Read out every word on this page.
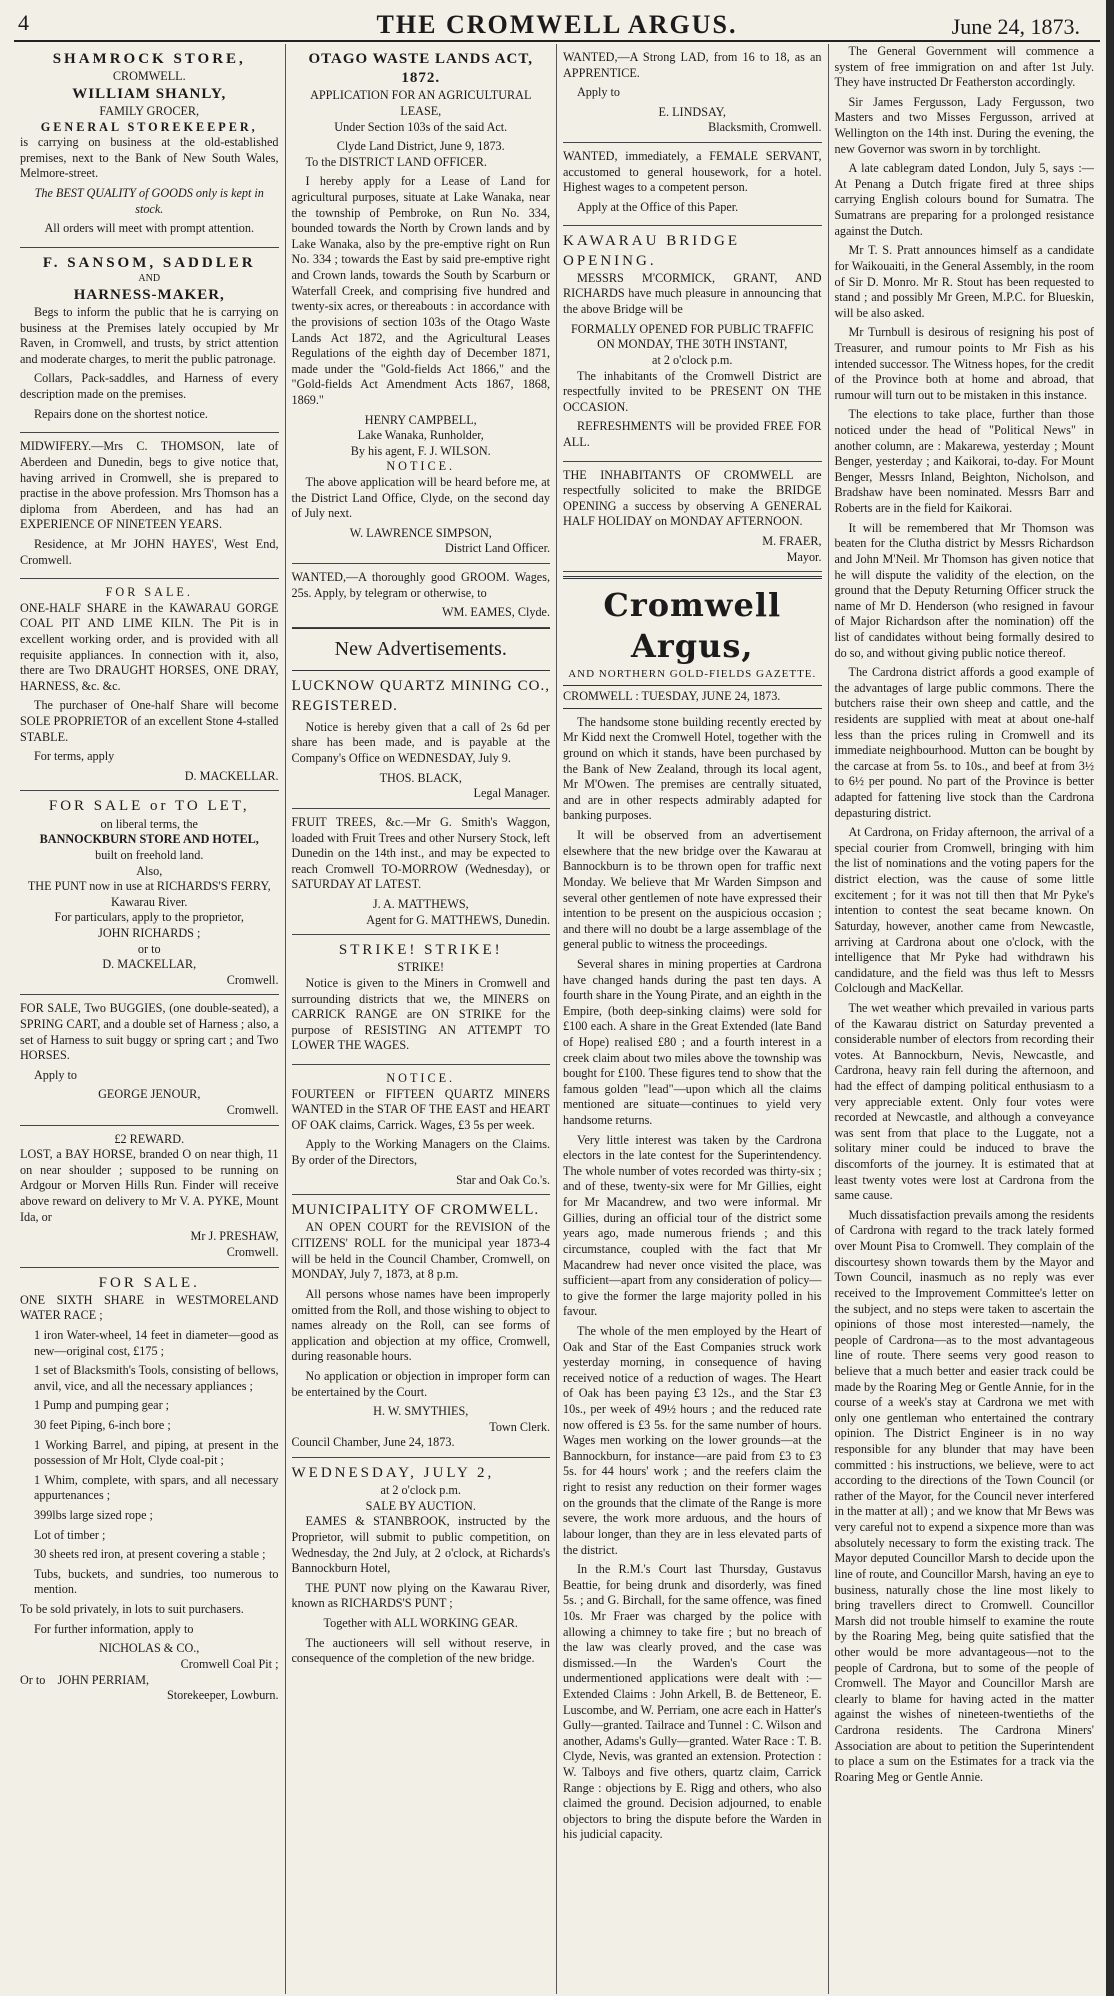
4	THE CROMWELL ARGUS.	June 24, 1873.
SHAMROCK STORE,
CROMWELL.
WILLIAM SHANLY,
FAMILY GROCER,
GENERAL STOREKEEPER,

is carrying on business at the old-established premises, next to the Bank of New South Wales, Melmore-street.

The BEST QUALITY of GOODS only is kept in stock.

All orders will meet with prompt attention.

F. SANSOM, SADDLER
AND
HARNESS-MAKER,

Begs to inform the public that he is carrying on business at the Premises lately occupied by Mr Raven, in Cromwell, and trusts, by strict attention and moderate charges, to merit the public patronage.

Collars, Pack-saddles, and Harness of every description made on the premises.

Repairs done on the shortest notice.

MIDWIFERY.—Mrs C. THOMSON, late of Aberdeen and Dunedin, begs to give notice that, having arrived in Cromwell, she is prepared to practise in the above profession. Mrs Thomson has a diploma from Aberdeen, and has had an EXPERIENCE OF NINETEEN YEARS.

Residence, at Mr JOHN HAYES', West End, Cromwell.

FOR SALE.

ONE-HALF SHARE in the KAWARAU GORGE COAL PIT AND LIME KILN. The Pit is in excellent working order, and is provided with all requisite appliances. In connection with it, also, there are Two DRAUGHT HORSES, ONE DRAY, HARNESS, &c. &c.

The purchaser of One-half Share will become SOLE PROPRIETOR of an excellent Stone 4-stalled STABLE.

For terms, apply

D. MACKELLAR.
FOR SALE or TO LET,
on liberal terms, the
BANNOCKBURN STORE AND HOTEL,
built on freehold land.
Also,
THE PUNT now in use at RICHARDS'S FERRY, Kawarau River.
For particulars, apply to the proprietor,
JOHN RICHARDS ;
or to
D. MACKELLAR,
Cromwell.

FOR SALE, Two BUGGIES, (one double-seated), a SPRING CART, and a double set of Harness ; also, a set of Harness to suit buggy or spring cart ; and Two HORSES.

Apply to

GEORGE JENOUR,
Cromwell.
£2 REWARD.

LOST, a BAY HORSE, branded O on near thigh, 11 on near shoulder ; supposed to be running on Ardgour or Morven Hills Run. Finder will receive above reward on delivery to Mr V. A. PYKE, Mount Ida, or

Mr J. PRESHAW,
Cromwell.
FOR SALE.

ONE SIXTH SHARE in WESTMORELAND WATER RACE ;

1 iron Water-wheel, 14 feet in diameter—good as new—original cost, £175 ;

1 set of Blacksmith's Tools, consisting of bellows, anvil, vice, and all the necessary appliances ;

1 Pump and pumping gear ;

30 feet Piping, 6-inch bore ;

1 Working Barrel, and piping, at present in the possession of Mr Holt, Clyde coal-pit ;

1 Whim, complete, with spars, and all necessary appurtenances ;

399lbs large sized rope ;

Lot of timber ;

30 sheets red iron, at present covering a stable ;

Tubs, buckets, and sundries, too numerous to mention.

To be sold privately, in lots to suit purchasers.

For further information, apply to

NICHOLAS & CO.,
Cromwell Coal Pit ;
Or to JOHN PERRIAM,
Storekeeper, Lowburn.
OTAGO WASTE LANDS ACT, 1872.
APPLICATION FOR AN AGRICULTURAL LEASE,
Under Section 103s of the said Act.
Clyde Land District, June 9, 1873.

To the DISTRICT LAND OFFICER.

I hereby apply for a Lease of Land for agricultural purposes, situate at Lake Wanaka, near the township of Pembroke, on Run No. 334, bounded towards the North by Crown lands and by Lake Wanaka, also by the pre-emptive right on Run No. 334 ; towards the East by said pre-emptive right and Crown lands, towards the South by Scarburn or Waterfall Creek, and comprising five hundred and twenty-six acres, or thereabouts : in accordance with the provisions of section 103s of the Otago Waste Lands Act 1872, and the Agricultural Leases Regulations of the eighth day of December 1871, made under the "Gold-fields Act 1866," and the "Gold-fields Act Amendment Acts 1867, 1868, 1869."

HENRY CAMPBELL,
Lake Wanaka, Runholder,
By his agent, F. J. WILSON.
NOTICE.

The above application will be heard before me, at the District Land Office, Clyde, on the second day of July next.

W. LAWRENCE SIMPSON,
District Land Officer.

WANTED,—A thoroughly good GROOM. Wages, 25s. Apply, by telegram or otherwise, to

WM. EAMES, Clyde.
New Advertisements.

LUCKNOW QUARTZ MINING CO., REGISTERED.

Notice is hereby given that a call of 2s 6d per share has been made, and is payable at the Company's Office on WEDNESDAY, July 9.

THOS. BLACK,
Legal Manager.

FRUIT TREES, &c.—Mr G. Smith's Waggon, loaded with Fruit Trees and other Nursery Stock, left Dunedin on the 14th inst., and may be expected to reach Cromwell TO-MORROW (Wednesday), or SATURDAY AT LATEST.

J. A. MATTHEWS,
Agent for G. MATTHEWS, Dunedin.
STRIKE! STRIKE!
STRIKE!

Notice is given to the Miners in Cromwell and surrounding districts that we, the MINERS on CARRICK RANGE are ON STRIKE for the purpose of RESISTING AN ATTEMPT TO LOWER THE WAGES.

NOTICE.

FOURTEEN or FIFTEEN QUARTZ MINERS WANTED in the STAR OF THE EAST and HEART OF OAK claims, Carrick. Wages, £3 5s per week.

Apply to the Working Managers on the Claims. By order of the Directors,

Star and Oak Co.'s.
MUNICIPALITY OF CROMWELL.

AN OPEN COURT for the REVISION of the CITIZENS' ROLL for the municipal year 1873-4 will be held in the Council Chamber, Cromwell, on MONDAY, July 7, 1873, at 8 p.m.

All persons whose names have been improperly omitted from the Roll, and those wishing to object to names already on the Roll, can see forms of application and objection at my office, Cromwell, during reasonable hours.

No application or objection in improper form can be entertained by the Court.

H. W. SMYTHIES,
Town Clerk.
Council Chamber, June 24, 1873.
WEDNESDAY, JULY 2,
at 2 o'clock p.m.
SALE BY AUCTION.

EAMES & STANBROOK, instructed by the Proprietor, will submit to public competition, on Wednesday, the 2nd July, at 2 o'clock, at Richards's Bannockburn Hotel,

THE PUNT now plying on the Kawarau River, known as RICHARDS'S PUNT ;

Together with ALL WORKING GEAR.

The auctioneers will sell without reserve, in consequence of the completion of the new bridge.

WANTED,—A Strong LAD, from 16 to 18, as an APPRENTICE.

Apply to

E. LINDSAY,
Blacksmith, Cromwell.

WANTED, immediately, a FEMALE SERVANT, accustomed to general housework, for a hotel. Highest wages to a competent person.

Apply at the Office of this Paper.

KAWARAU BRIDGE OPENING.

MESSRS M'CORMICK, GRANT, AND RICHARDS have much pleasure in announcing that the above Bridge will be

FORMALLY OPENED FOR PUBLIC TRAFFIC
ON MONDAY, THE 30TH INSTANT,
at 2 o'clock p.m.

The inhabitants of the Cromwell District are respectfully invited to be PRESENT ON THE OCCASION.

REFRESHMENTS will be provided FREE FOR ALL.

THE INHABITANTS OF CROMWELL are respectfully solicited to make the BRIDGE OPENING a success by observing A GENERAL HALF HOLIDAY on MONDAY AFTERNOON.

M. FRAER,
Mayor.
Cromwell Argus,
AND NORTHERN GOLD-FIELDS GAZETTE.
CROMWELL : TUESDAY, JUNE 24, 1873.

The handsome stone building recently erected by Mr Kidd next the Cromwell Hotel, together with the ground on which it stands, have been purchased by the Bank of New Zealand, through its local agent, Mr M'Owen. The premises are centrally situated, and are in other respects admirably adapted for banking purposes.

It will be observed from an advertisement elsewhere that the new bridge over the Kawarau at Bannockburn is to be thrown open for traffic next Monday. We believe that Mr Warden Simpson and several other gentlemen of note have expressed their intention to be present on the auspicious occasion ; and there will no doubt be a large assemblage of the general public to witness the proceedings.

Several shares in mining properties at Cardrona have changed hands during the past ten days. A fourth share in the Young Pirate, and an eighth in the Empire, (both deep-sinking claims) were sold for £100 each. A share in the Great Extended (late Band of Hope) realised £80 ; and a fourth interest in a creek claim about two miles above the township was bought for £100. These figures tend to show that the famous golden "lead"—upon which all the claims mentioned are situate—continues to yield very handsome returns.

Very little interest was taken by the Cardrona electors in the late contest for the Superintendency. The whole number of votes recorded was thirty-six ; and of these, twenty-six were for Mr Gillies, eight for Mr Macandrew, and two were informal. Mr Gillies, during an official tour of the district some years ago, made numerous friends ; and this circumstance, coupled with the fact that Mr Macandrew had never once visited the place, was sufficient—apart from any consideration of policy—to give the former the large majority polled in his favour.

The whole of the men employed by the Heart of Oak and Star of the East Companies struck work yesterday morning, in consequence of having received notice of a reduction of wages. The Heart of Oak has been paying £3 12s., and the Star £3 10s., per week of 49½ hours ; and the reduced rate now offered is £3 5s. for the same number of hours. Wages men working on the lower grounds—at the Bannockburn, for instance—are paid from £3 to £3 5s. for 44 hours' work ; and the reefers claim the right to resist any reduction on their former wages on the grounds that the climate of the Range is more severe, the work more arduous, and the hours of labour longer, than they are in less elevated parts of the district.

In the R.M.'s Court last Thursday, Gustavus Beattie, for being drunk and disorderly, was fined 5s. ; and G. Birchall, for the same offence, was fined 10s. Mr Fraer was charged by the police with allowing a chimney to take fire ; but no breach of the law was clearly proved, and the case was dismissed.—In the Warden's Court the undermentioned applications were dealt with :—Extended Claims : John Arkell, B. de Betteneor, E. Luscombe, and W. Perriam, one acre each in Hatter's Gully—granted. Tailrace and Tunnel : C. Wilson and another, Adams's Gully—granted. Water Race : T. B. Clyde, Nevis, was granted an extension. Protection : W. Talboys and five others, quartz claim, Carrick Range : objections by E. Rigg and others, who also claimed the ground. Decision adjourned, to enable objectors to bring the dispute before the Warden in his judicial capacity.

The General Government will commence a system of free immigration on and after 1st July. They have instructed Dr Featherston accordingly.

Sir James Fergusson, Lady Fergusson, two Masters and two Misses Fergusson, arrived at Wellington on the 14th inst. During the evening, the new Governor was sworn in by torchlight.

A late cablegram dated London, July 5, says :—At Penang a Dutch frigate fired at three ships carrying English colours bound for Sumatra. The Sumatrans are preparing for a prolonged resistance against the Dutch.

Mr T. S. Pratt announces himself as a candidate for Waikouaiti, in the General Assembly, in the room of Sir D. Monro. Mr R. Stout has been requested to stand ; and possibly Mr Green, M.P.C. for Blueskin, will be also asked.

Mr Turnbull is desirous of resigning his post of Treasurer, and rumour points to Mr Fish as his intended successor. The Witness hopes, for the credit of the Province both at home and abroad, that rumour will turn out to be mistaken in this instance.

The elections to take place, further than those noticed under the head of "Political News" in another column, are : Makarewa, yesterday ; Mount Benger, yesterday ; and Kaikorai, to-day. For Mount Benger, Messrs Inland, Beighton, Nicholson, and Bradshaw have been nominated. Messrs Barr and Roberts are in the field for Kaikorai.

It will be remembered that Mr Thomson was beaten for the Clutha district by Messrs Richardson and John M'Neil. Mr Thomson has given notice that he will dispute the validity of the election, on the ground that the Deputy Returning Officer struck the name of Mr D. Henderson (who resigned in favour of Major Richardson after the nomination) off the list of candidates without being formally desired to do so, and without giving public notice thereof.

The Cardrona district affords a good example of the advantages of large public commons. There the butchers raise their own sheep and cattle, and the residents are supplied with meat at about one-half less than the prices ruling in Cromwell and its immediate neighbourhood. Mutton can be bought by the carcase at from 5s. to 10s., and beef at from 3½ to 6½ per pound. No part of the Province is better adapted for fattening live stock than the Cardrona depasturing district.

At Cardrona, on Friday afternoon, the arrival of a special courier from Cromwell, bringing with him the list of nominations and the voting papers for the district election, was the cause of some little excitement ; for it was not till then that Mr Pyke's intention to contest the seat became known. On Saturday, however, another came from Newcastle, arriving at Cardrona about one o'clock, with the intelligence that Mr Pyke had withdrawn his candidature, and the field was thus left to Messrs Colclough and MacKellar.

The wet weather which prevailed in various parts of the Kawarau district on Saturday prevented a considerable number of electors from recording their votes. At Bannockburn, Nevis, Newcastle, and Cardrona, heavy rain fell during the afternoon, and had the effect of damping political enthusiasm to a very appreciable extent. Only four votes were recorded at Newcastle, and although a conveyance was sent from that place to the Luggate, not a solitary miner could be induced to brave the discomforts of the journey. It is estimated that at least twenty votes were lost at Cardrona from the same cause.

Much dissatisfaction prevails among the residents of Cardrona with regard to the track lately formed over Mount Pisa to Cromwell. They complain of the discourtesy shown towards them by the Mayor and Town Council, inasmuch as no reply was ever received to the Improvement Committee's letter on the subject, and no steps were taken to ascertain the opinions of those most interested—namely, the people of Cardrona—as to the most advantageous line of route. There seems very good reason to believe that a much better and easier track could be made by the Roaring Meg or Gentle Annie, for in the course of a week's stay at Cardrona we met with only one gentleman who entertained the contrary opinion. The District Engineer is in no way responsible for any blunder that may have been committed : his instructions, we believe, were to act according to the directions of the Town Council (or rather of the Mayor, for the Council never interfered in the matter at all) ; and we know that Mr Bews was very careful not to expend a sixpence more than was absolutely necessary to form the existing track. The Mayor deputed Councillor Marsh to decide upon the line of route, and Councillor Marsh, having an eye to business, naturally chose the line most likely to bring travellers direct to Cromwell. Councillor Marsh did not trouble himself to examine the route by the Roaring Meg, being quite satisfied that the other would be more advantageous—not to the people of Cardrona, but to some of the people of Cromwell. The Mayor and Councillor Marsh are clearly to blame for having acted in the matter against the wishes of nineteen-twentieths of the Cardrona residents. The Cardrona Miners' Association are about to petition the Superintendent to place a sum on the Estimates for a track via the Roaring Meg or Gentle Annie.
